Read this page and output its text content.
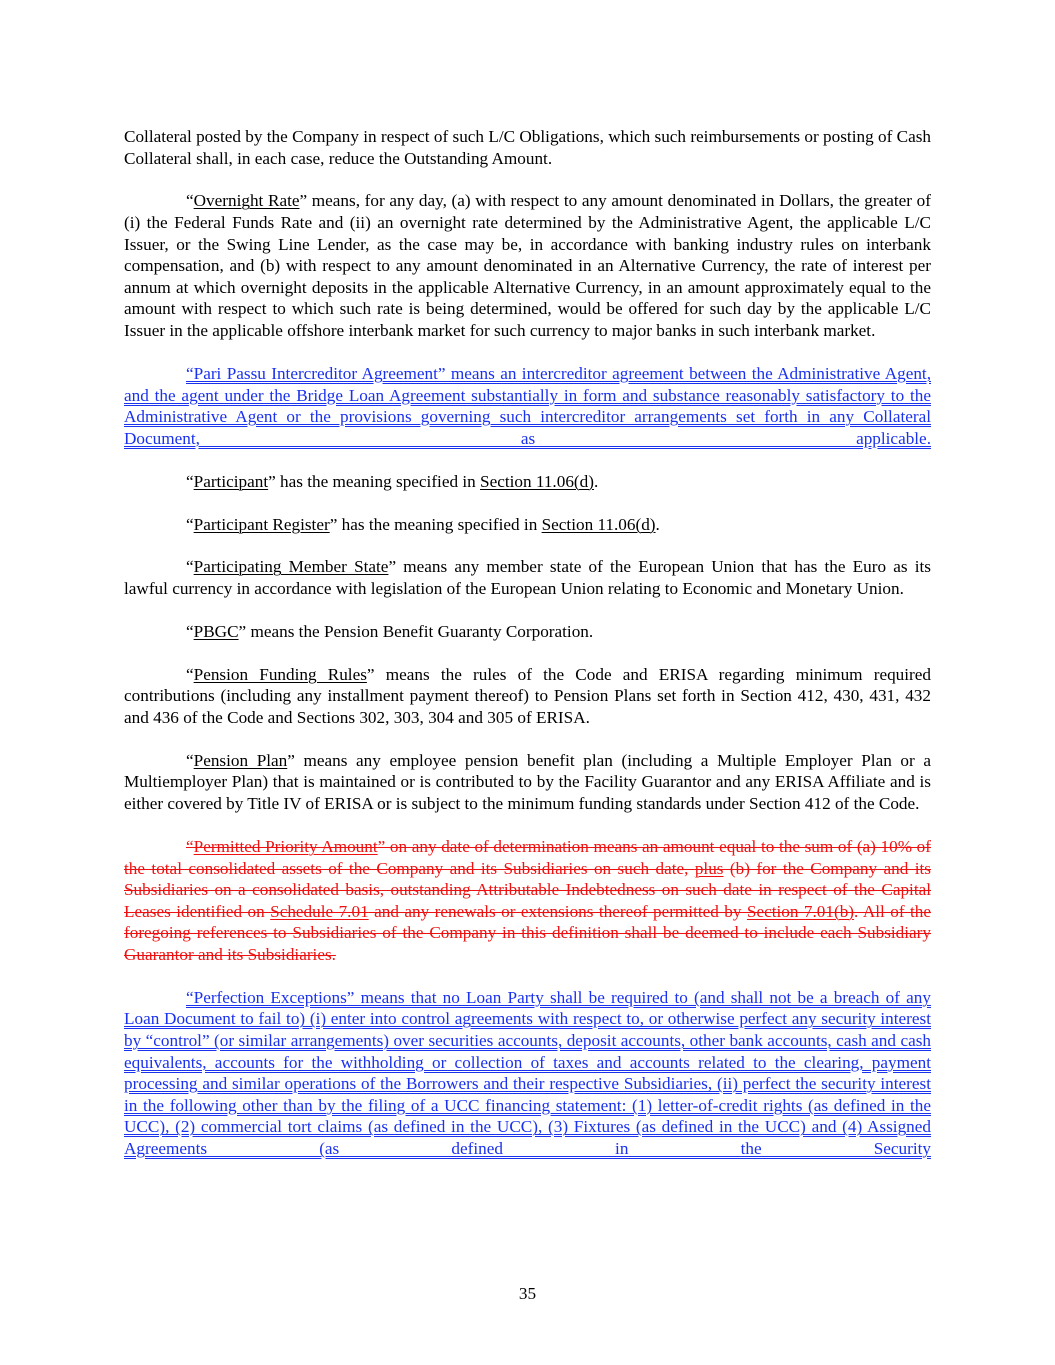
Collateral posted by the Company in respect of such L/C Obligations, which such reimbursements or posting of Cash Collateral shall, in each case, reduce the Outstanding Amount.

“Overnight Rate” means, for any day, (a) with respect to any amount denominated in Dollars, the greater of (i) the Federal Funds Rate and (ii) an overnight rate determined by the Administrative Agent, the applicable L/C Issuer, or the Swing Line Lender, as the case may be, in accordance with banking industry rules on interbank compensation, and (b) with respect to any amount denominated in an Alternative Currency, the rate of interest per annum at which overnight deposits in the applicable Alternative Currency, in an amount approximately equal to the amount with respect to which such rate is being determined, would be offered for such day by the applicable L/C Issuer in the applicable offshore interbank market for such currency to major banks in such interbank market.

“Pari Passu Intercreditor Agreement” means an intercreditor agreement between the Administrative Agent, and the agent under the Bridge Loan Agreement substantially in form and substance reasonably satisfactory to the Administrative Agent or the provisions governing such intercreditor arrangements set forth in any Collateral Document, as applicable.

“Participant” has the meaning specified in Section 11.06(d).

“Participant Register” has the meaning specified in Section 11.06(d).

“Participating Member State” means any member state of the European Union that has the Euro as its lawful currency in accordance with legislation of the European Union relating to Economic and Monetary Union.

“PBGC” means the Pension Benefit Guaranty Corporation.

“Pension Funding Rules” means the rules of the Code and ERISA regarding minimum required contributions (including any installment payment thereof) to Pension Plans set forth in Section 412, 430, 431, 432 and 436 of the Code and Sections 302, 303, 304 and 305 of ERISA.

“Pension Plan” means any employee pension benefit plan (including a Multiple Employer Plan or a Multiemployer Plan) that is maintained or is contributed to by the Facility Guarantor and any ERISA Affiliate and is either covered by Title IV of ERISA or is subject to the minimum funding standards under Section 412 of the Code.

“Permitted Priority Amount” on any date of determination means an amount equal to the sum of (a) 10% of the total consolidated assets of the Company and its Subsidiaries on such date, plus (b) for the Company and its Subsidiaries on a consolidated basis, outstanding Attributable Indebtedness on such date in respect of the Capital Leases identified on Schedule 7.01 and any renewals or extensions thereof permitted by Section 7.01(b). All of the foregoing references to Subsidiaries of the Company in this definition shall be deemed to include each Subsidiary Guarantor and its Subsidiaries.

“Perfection Exceptions” means that no Loan Party shall be required to (and shall not be a breach of any Loan Document to fail to) (i) enter into control agreements with respect to, or otherwise perfect any security interest by “control” (or similar arrangements) over securities accounts, deposit accounts, other bank accounts, cash and cash equivalents, accounts for the withholding or collection of taxes and accounts related to the clearing, payment processing and similar operations of the Borrowers and their respective Subsidiaries, (ii) perfect the security interest in the following other than by the filing of a UCC financing statement: (1) letter-of-credit rights (as defined in the UCC), (2) commercial tort claims (as defined in the UCC), (3) Fixtures (as defined in the UCC) and (4) Assigned Agreements (as defined in the Security

35
